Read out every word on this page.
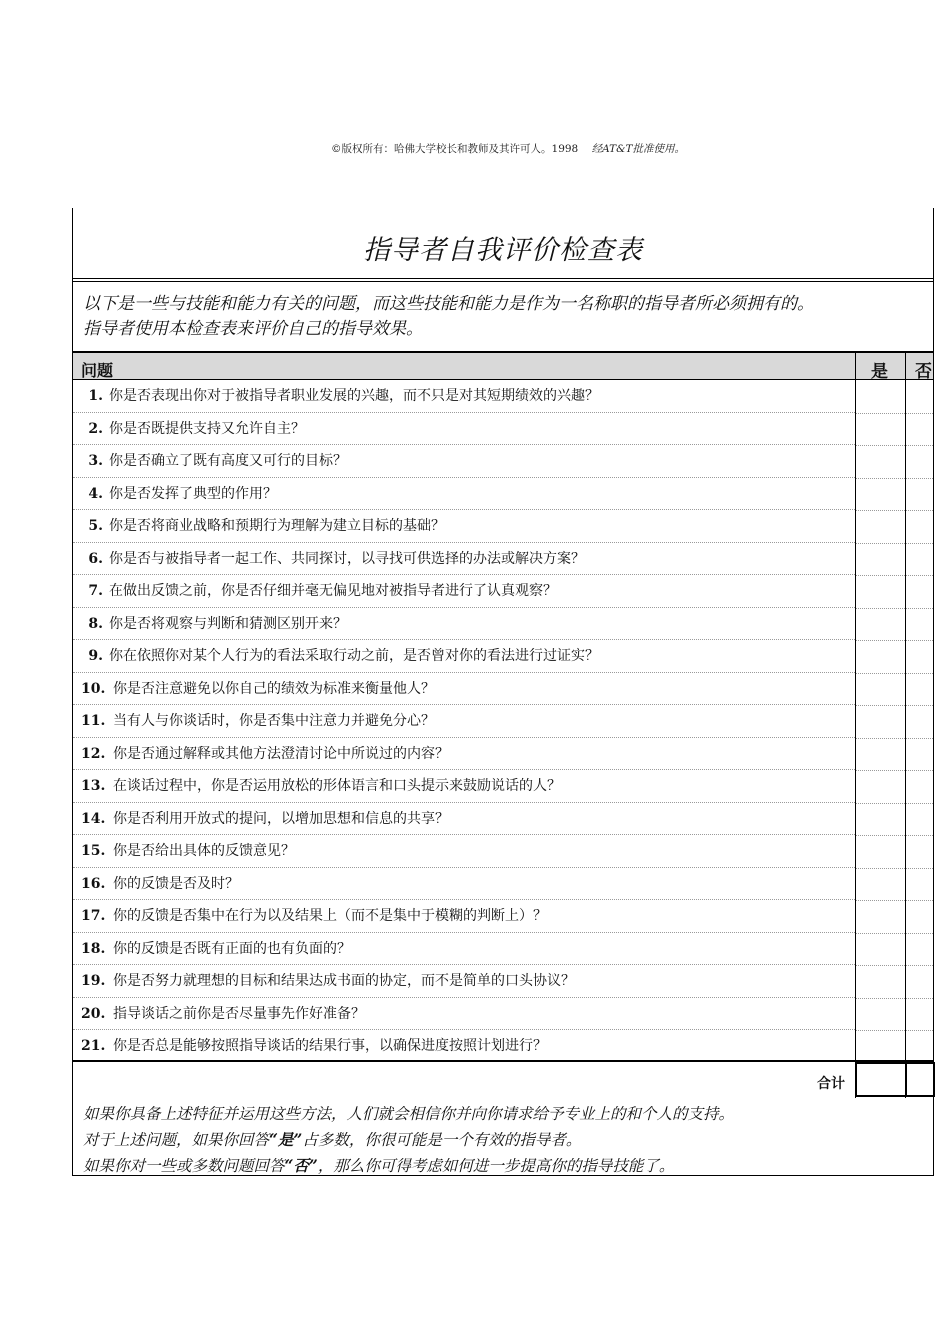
©版权所有：哈佛大学校长和教师及其许可人。1998 经AT&T批准使用。
指导者自我评价检查表
以下是一些与技能和能力有关的问题，而这些技能和能力是作为一名称职的指导者所必须拥有的。
指导者使用本检查表来评价自己的指导效果。
问题	是 否
1. 你是否表现出你对于被指导者职业发展的兴趣，而不只是对其短期绩效的兴趣？
2. 你是否既提供支持又允许自主？
3. 你是否确立了既有高度又可行的目标？
4. 你是否发挥了典型的作用？
5. 你是否将商业战略和预期行为理解为建立目标的基础？
6. 你是否与被指导者一起工作、共同探讨，以寻找可供选择的办法或解决方案？
7. 在做出反馈之前，你是否仔细并毫无偏见地对被指导者进行了认真观察？
8. 你是否将观察与判断和猜测区别开来？
9. 你在依照你对某个人行为的看法采取行动之前，是否曾对你的看法进行过证实？
10. 你是否注意避免以你自己的绩效为标准来衡量他人？
11. 当有人与你谈话时，你是否集中注意力并避免分心？
12. 你是否通过解释或其他方法澄清讨论中所说过的内容？
13. 在谈话过程中，你是否运用放松的形体语言和口头提示来鼓励说话的人？
14. 你是否利用开放式的提问，以增加思想和信息的共享？
15. 你是否给出具体的反馈意见？
16. 你的反馈是否及时？
17. 你的反馈是否集中在行为以及结果上（而不是集中于模糊的判断上）？
18. 你的反馈是否既有正面的也有负面的？
19. 你是否努力就理想的目标和结果达成书面的协定，而不是简单的口头协议？
20. 指导谈话之前你是否尽量事先作好准备？
21. 你是否总是能够按照指导谈话的结果行事，以确保进度按照计划进行？
合计
如果你具备上述特征并运用这些方法，人们就会相信你并向你请求给予专业上的和个人的支持。
对于上述问题，如果你回答“是”占多数，你很可能是一个有效的指导者。
如果你对一些或多数问题回答“否”，那么你可得考虑如何进一步提高你的指导技能了。
